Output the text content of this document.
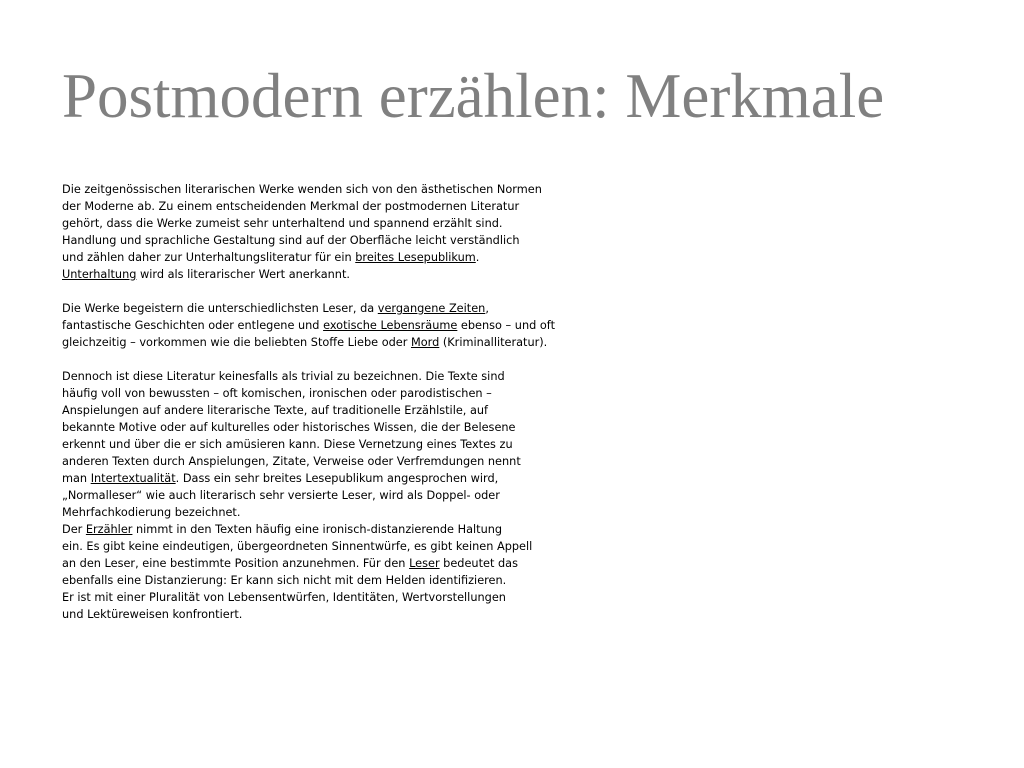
Postmodern erzählen: Merkmale
Die zeitgenössischen literarischen Werke wenden sich von den ästhetischen Normen
der Moderne ab. Zu einem entscheidenden Merkmal der postmodernen Literatur
gehört, dass die Werke zumeist sehr unterhaltend und spannend erzählt sind.
Handlung und sprachliche Gestaltung sind auf der Oberfläche leicht verständlich
und zählen daher zur Unterhaltungsliteratur für ein breites Lesepublikum.
Unterhaltung wird als literarischer Wert anerkannt.
Die Werke begeistern die unterschiedlichsten Leser, da vergangene Zeiten,
fantastische Geschichten oder entlegene und exotische Lebensräume ebenso – und oft
gleichzeitig – vorkommen wie die beliebten Stoffe Liebe oder Mord (Kriminalliteratur).
Dennoch ist diese Literatur keinesfalls als trivial zu bezeichnen. Die Texte sind
häufig voll von bewussten – oft komischen, ironischen oder parodistischen –
Anspielungen auf andere literarische Texte, auf traditionelle Erzählstile, auf
bekannte Motive oder auf kulturelles oder historisches Wissen, die der Belesene
erkennt und über die er sich amüsieren kann. Diese Vernetzung eines Textes zu
anderen Texten durch Anspielungen, Zitate, Verweise oder Verfremdungen nennt
man Intertextualität. Dass ein sehr breites Lesepublikum angesprochen wird,
„Normalleser“ wie auch literarisch sehr versierte Leser, wird als Doppel- oder
Mehrfachkodierung bezeichnet.
Der Erzähler nimmt in den Texten häufig eine ironisch-distanzierende Haltung
ein. Es gibt keine eindeutigen, übergeordneten Sinnentwürfe, es gibt keinen Appell
an den Leser, eine bestimmte Position anzunehmen. Für den Leser bedeutet das
ebenfalls eine Distanzierung: Er kann sich nicht mit dem Helden identifizieren.
Er ist mit einer Pluralität von Lebensentwürfen, Identitäten, Wertvorstellungen
und Lektüreweisen konfrontiert.
